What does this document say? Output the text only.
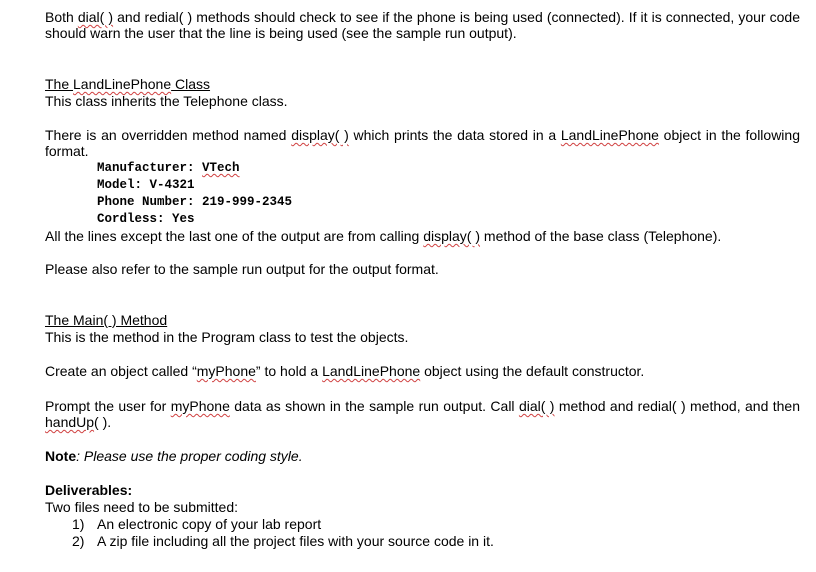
Both dial( ) and redial( ) methods should check to see if the phone is being used (connected). If it is connected, your code should warn the user that the line is being used (see the sample run output).
The LandLinePhone Class
This class inherits the Telephone class.
There is an overridden method named display( ) which prints the data stored in a LandLinePhone object in the following format.
Manufacturer: VTech
Model: V-4321
Phone Number: 219-999-2345
Cordless: Yes
All the lines except the last one of the output are from calling display( ) method of the base class (Telephone).
Please also refer to the sample run output for the output format.
The Main( ) Method
This is the method in the Program class to test the objects.
Create an object called “myPhone” to hold a LandLinePhone object using the default constructor.
Prompt the user for myPhone data as shown in the sample run output. Call dial( ) method and redial( ) method, and then handUp( ).
Note: Please use the proper coding style.
Deliverables:
Two files need to be submitted:
1) An electronic copy of your lab report
2) A zip file including all the project files with your source code in it.
